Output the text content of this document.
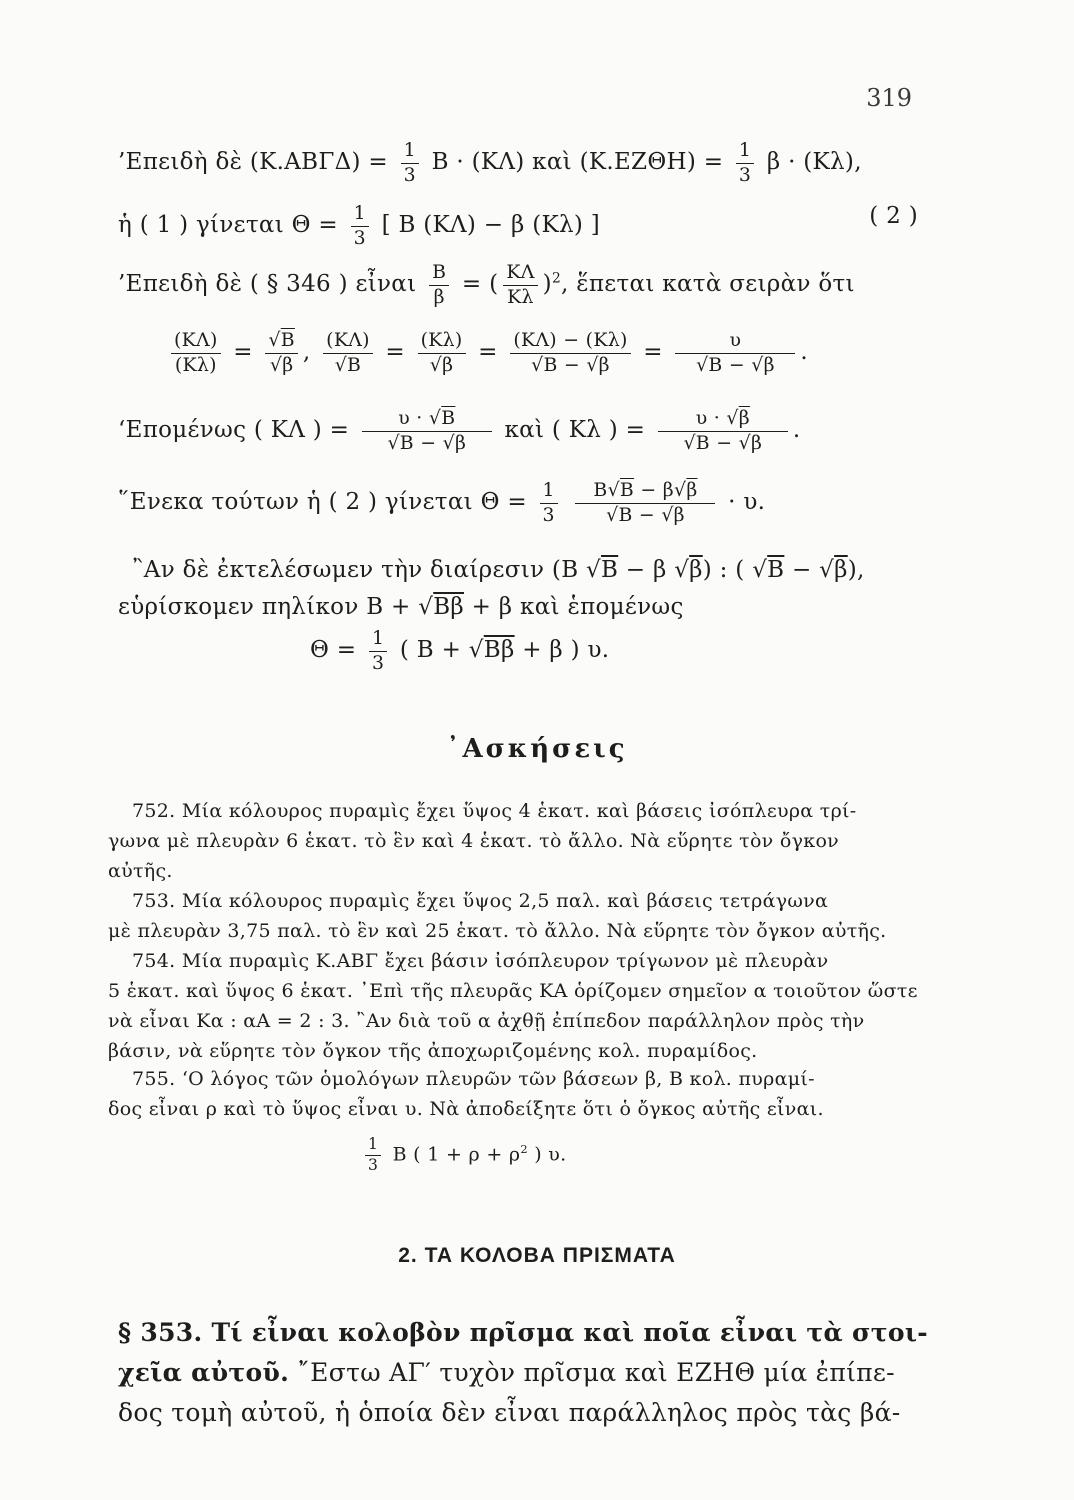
319
’Επειδὴ δὲ $(K.AB\Gamma\Delta) = \frac{1}{3}$ Β · (ΚΛ) καὶ $(K.EZ\Theta H) = \frac{1}{3}$ β · (Κλ),
ἡ ( 1 ) γίνεται $\Theta = \frac{1}{3}$ [ Β (ΚΛ) − β (Κλ) ]	( 2 )
’Επειδὴ δὲ ( § 346 ) εἶναι $\frac{B}{\beta}$ = ( $\frac{K\Lambda}{K\lambda} )^2$, ἕπεται κατὰ σειρὰν ὅτι
$\frac{(K\Lambda)}{(K\lambda)} = \frac{√B}{√\beta}$ , $\frac{(K\Lambda)}{√B} = \frac{(K\lambda)}{√\beta} = \frac{(K\Lambda) - (K\lambda)}{√B - √\beta} = \frac{\upsilon}{√B - √\beta}$ .
‘Επομένως ( ΚΛ ) = $\frac{\upsilon \cdot √B}{√B - √\beta}$ καὶ ( Κλ ) = $\frac{\upsilon \cdot √\beta}{√B - √\beta}$ .
῞Ενεκα τούτων ἡ ( 2 ) γίνεται $\Theta = \frac{1}{3}$
$\frac{B√B - \beta√\beta}{√B - √\beta} \cdot \upsilon$.
῍Αν δὲ ἐκτελέσωμεν τὴν διαίρεσιν (Β √Β − β √β) : ( √Β − √β),
εὑρίσκομεν πηλίκον Β + √Ββ + β καὶ ἑπομένως
$\Theta = \frac{1}{3}$ ( Β + √Ββ + β ) υ.
᾿Ασκήσεις
752. Μία κόλουρος πυραμὶς ἔχει ὕψος 4 ἑκατ. καὶ βάσεις ἰσόπλευρα τρί-
γωνα μὲ πλευρὰν 6 ἑκατ. τὸ ἓν καὶ 4 ἑκατ. τὸ ἄλλο. Νὰ εὕρητε τὸν ὄγκον
αὐτῆς.
753. Μία κόλουρος πυραμὶς ἔχει ὕψος 2,5 παλ. καὶ βάσεις τετράγωνα
μὲ πλευρὰν 3,75 παλ. τὸ ἓν καὶ 25 ἑκατ. τὸ ἄλλο. Νὰ εὕρητε τὸν ὄγκον αὐτῆς.
754. Μία πυραμὶς Κ.ΑΒΓ ἔχει βάσιν ἰσόπλευρον τρίγωνον μὲ πλευρὰν
5 ἑκατ. καὶ ὕψος 6 ἑκατ. ᾿Επὶ τῆς πλευρᾶς ΚΑ ὁρίζομεν σημεῖον α τοιοῦτον ὥστε
νὰ εἶναι Κα : αΑ = 2 : 3. ῍Αν διὰ τοῦ α ἀχθῇ ἐπίπεδον παράλληλον πρὸς τὴν
βάσιν, νὰ εὕρητε τὸν ὄγκον τῆς ἀποχωριζομένης κολ. πυραμίδος.
755. ‘Ο λόγος τῶν ὁμολόγων πλευρῶν τῶν βάσεων β, Β κολ. πυραμί-
δος εἶναι ρ καὶ τὸ ὕψος εἶναι υ. Νὰ ἀποδείξητε ὅτι ὁ ὄγκος αὐτῆς εἶναι.
$\frac{1}{3}$ Β ( $1 + \rho + \rho^2$ ) υ.
2. ΤΑ ΚΟΛΟΒΑ ΠΡΙΣΜΑΤΑ
§ 353. Τί εἶναι κολοβὸν πρῖσμα καὶ ποῖα εἶναι τὰ στοι-
χεῖα αὐτοῦ. ῎Εστω ΑΓ′ τυχὸν πρῖσμα καὶ ΕΖΗΘ μία ἐπίπε-
δος τομὴ αὐτοῦ, ἡ ὁποία δὲν εἶναι παράλληλος πρὸς τὰς βά-
